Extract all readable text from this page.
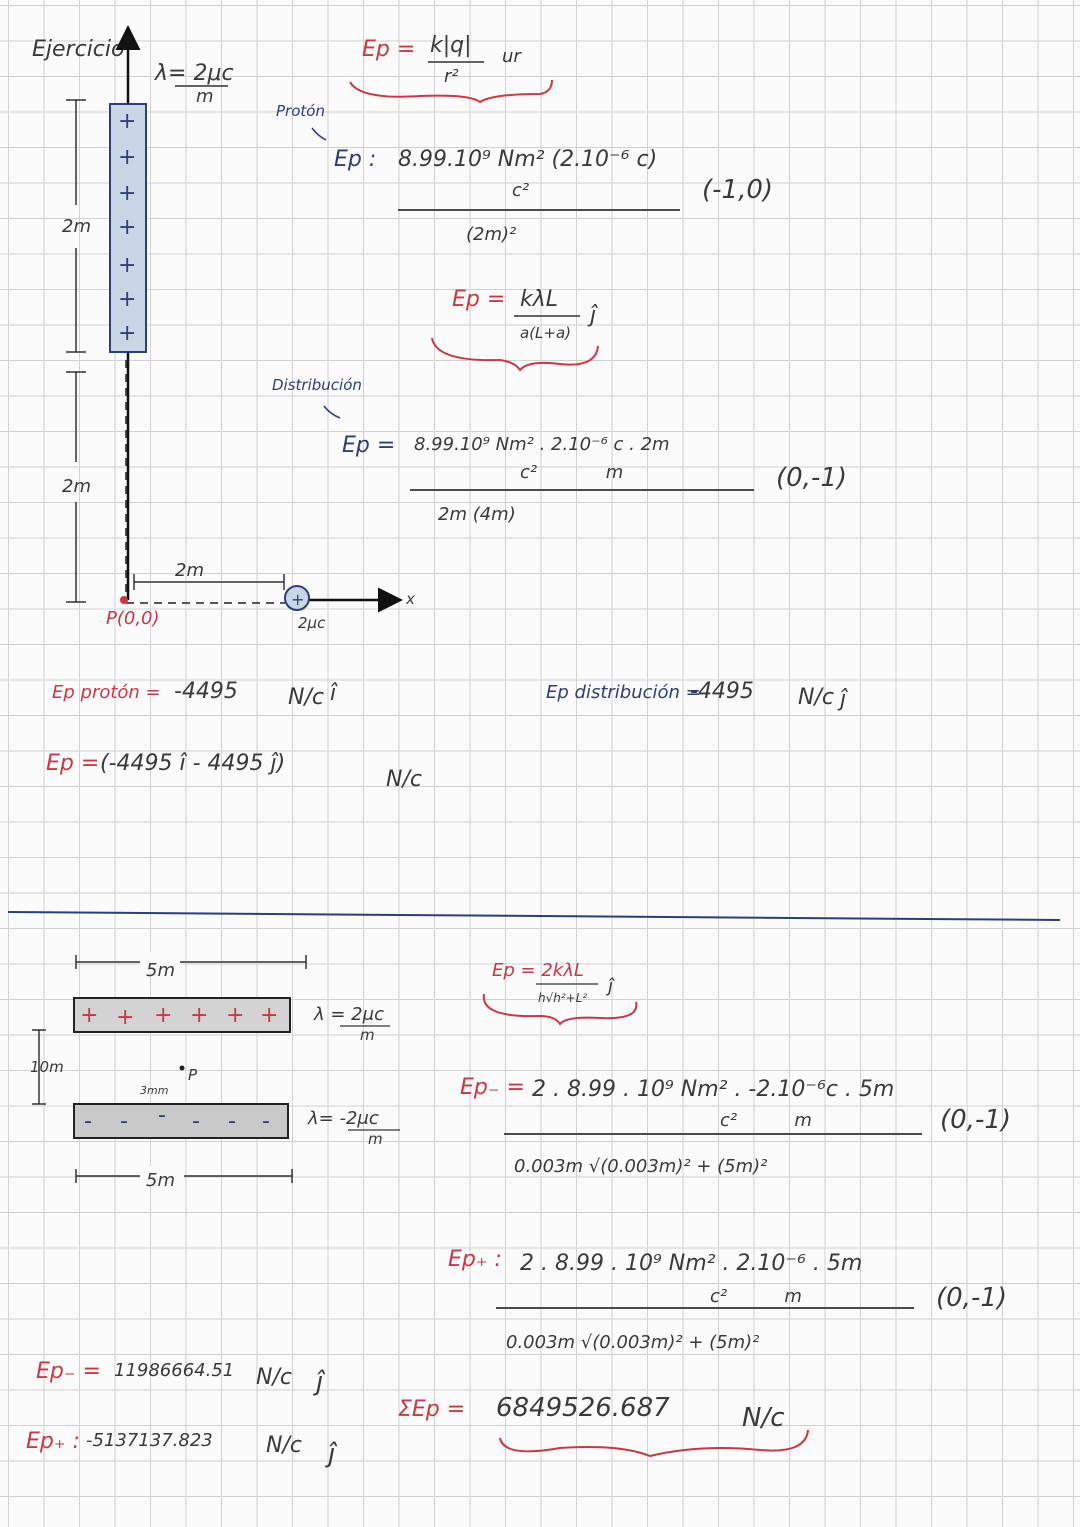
Ejercicio
λ= 2μc
m
+
+
+
+
+
+
+
2m
2m
2m
x
P(0,0)
+
2μc
Ep = k|q|
r²
ur
Protón
Ep : 8.99.10⁹ Nm² (2.10⁻⁶ c)
c²
(2m)²
(-1,0)
Ep = kλL
a(L+a)
ĵ
Distribución
Ep = 8.99.10⁹ Nm² . 2.10⁻⁶ c . 2m
c²            m
2m (4m)
(0,-1)
Ep protón = -4495 N/c î	Ep distribución =
-4495 N/c ĵ
Ep = (-4495 î - 4495 ĵ)
N/c
5m
+ + + + + + λ = 2μc
m
10m	P
3mm
- - - - - - λ= -2μc
m
5m
Ep = 2kλL
h√h²+L²
ĵ
Ep₋ = 2 . 8.99 . 10⁹ Nm² . -2.10⁻⁶c . 5m
c²          m
0.003m √(0.003m)² + (5m)²
(0,-1)
Ep₊ : 2 . 8.99 . 10⁹ Nm² . 2.10⁻⁶ . 5m
c²          m
0.003m √(0.003m)² + (5m)²
(0,-1)
Ep₋ = 11986664.51 N/c ĵ
Ep₊ : -5137137.823 N/c ĵ
ΣEp = 6849526.687	N/c
